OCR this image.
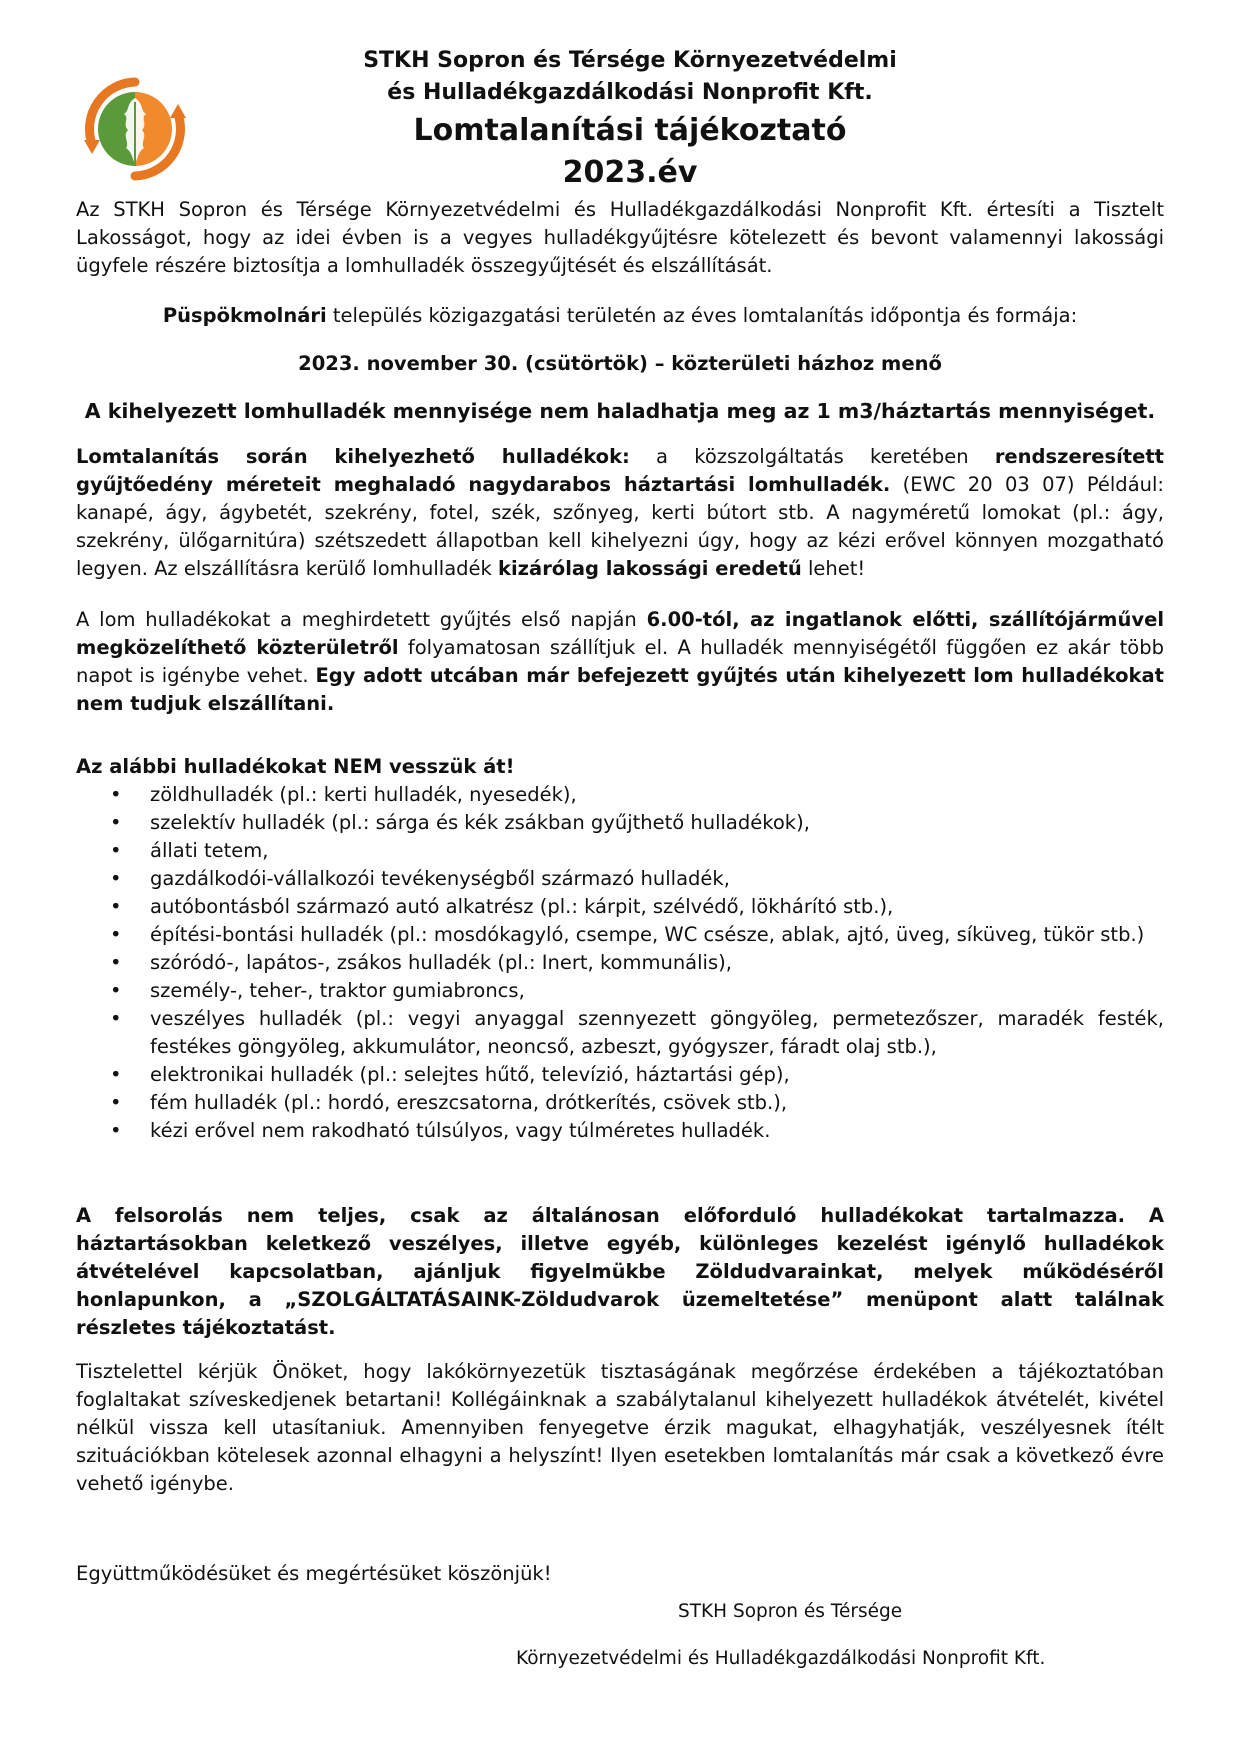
STKH Sopron és Térsége Környezetvédelmi
és Hulladékgazdálkodási Nonprofit Kft.
Lomtalanítási tájékoztató
2023.év

Az STKH Sopron és Térsége Környezetvédelmi és Hulladékgazdálkodási Nonprofit Kft. értesíti a Tisztelt Lakosságot, hogy az idei évben is a vegyes hulladékgyűjtésre kötelezett és bevont valamennyi lakossági ügyfele részére biztosítja a lomhulladék összegyűjtését és elszállítását.

Püspökmolnári település közigazgatási területén az éves lomtalanítás időpontja és formája:

2023. november 30. (csütörtök) – közterületi házhoz menő

A kihelyezett lomhulladék mennyisége nem haladhatja meg az 1 m3/háztartás mennyiséget.

Lomtalanítás során kihelyezhető hulladékok: a közszolgáltatás keretében rendszeresített gyűjtőedény méreteit meghaladó nagydarabos háztartási lomhulladék. (EWC 20 03 07) Például: kanapé, ágy, ágybetét, szekrény, fotel, szék, szőnyeg, kerti bútort stb. A nagyméretű lomokat (pl.: ágy, szekrény, ülőgarnitúra) szétszedett állapotban kell kihelyezni úgy, hogy az kézi erővel könnyen mozgatható legyen. Az elszállításra kerülő lomhulladék kizárólag lakossági eredetű lehet!

A lom hulladékokat a meghirdetett gyűjtés első napján 6.00-tól, az ingatlanok előtti, szállítójárművel megközelíthető közterületről folyamatosan szállítjuk el. A hulladék mennyiségétől függően ez akár több napot is igénybe vehet. Egy adott utcában már befejezett gyűjtés után kihelyezett lom hulladékokat nem tudjuk elszállítani.

Az alábbi hulladékokat NEM vesszük át!

• zöldhulladék (pl.: kerti hulladék, nyesedék),
• szelektív hulladék (pl.: sárga és kék zsákban gyűjthető hulladékok),
• állati tetem,
• gazdálkodói-vállalkozói tevékenységből származó hulladék,
• autóbontásból származó autó alkatrész (pl.: kárpit, szélvédő, lökhárító stb.),
• építési-bontási hulladék (pl.: mosdókagyló, csempe, WC csésze, ablak, ajtó, üveg, síküveg, tükör stb.)
• szóródó-, lapátos-, zsákos hulladék (pl.: Inert, kommunális),
• személy-, teher-, traktor gumiabroncs,
• veszélyes hulladék (pl.: vegyi anyaggal szennyezett göngyöleg, permetezőszer, maradék festék, festékes göngyöleg, akkumulátor, neoncső, azbeszt, gyógyszer, fáradt olaj stb.),
• elektronikai hulladék (pl.: selejtes hűtő, televízió, háztartási gép),
• fém hulladék (pl.: hordó, ereszcsatorna, drótkerítés, csövek stb.),
• kézi erővel nem rakodható túlsúlyos, vagy túlméretes hulladék.

A felsorolás nem teljes, csak az általánosan előforduló hulladékokat tartalmazza. A háztartásokban keletkező veszélyes, illetve egyéb, különleges kezelést igénylő hulladékok átvételével kapcsolatban, ajánljuk figyelmükbe Zöldudvarainkat, melyek működéséről honlapunkon, a „SZOLGÁLTATÁSAINK-Zöldudvarok üzemeltetése” menüpont alatt találnak részletes tájékoztatást.

Tisztelettel kérjük Önöket, hogy lakókörnyezetük tisztaságának megőrzése érdekében a tájékoztatóban foglaltakat szíveskedjenek betartani! Kollégáinknak a szabálytalanul kihelyezett hulladékok átvételét, kivétel nélkül vissza kell utasítaniuk. Amennyiben fenyegetve érzik magukat, elhagyhatják, veszélyesnek ítélt szituációkban kötelesek azonnal elhagyni a helyszínt! Ilyen esetekben lomtalanítás már csak a következő évre vehető igénybe.

Együttműködésüket és megértésüket köszönjük!

STKH Sopron és Térsége
Környezetvédelmi és Hulladékgazdálkodási Nonprofit Kft.
